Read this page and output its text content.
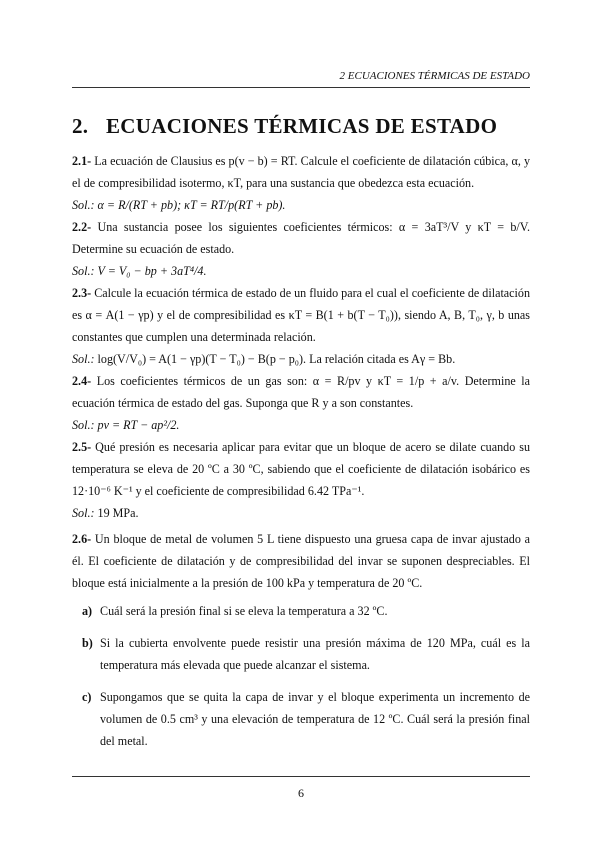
2 ECUACIONES TÉRMICAS DE ESTADO
2. ECUACIONES TÉRMICAS DE ESTADO

2.1- La ecuación de Clausius es p(v − b) = RT. Calcule el coeficiente de dilatación cúbica, α, y el de compresibilidad isotermo, κT, para una sustancia que obedezca esta ecuación.

Sol.: α = R/(RT + pb); κT = RT/p(RT + pb).

2.2- Una sustancia posee los siguientes coeficientes térmicos: α = 3aT³/V y κT = b/V. Determine su ecuación de estado.

Sol.: V = V₀ − bp + 3aT⁴/4.

2.3- Calcule la ecuación térmica de estado de un fluido para el cual el coeficiente de dilatación es α = A(1 − γp) y el de compresibilidad es κT = B(1 + b(T − T₀)), siendo A, B, T₀, γ, b unas constantes que cumplen una determinada relación.

Sol.: log(V/V₀) = A(1 − γp)(T − T₀) − B(p − p₀). La relación citada es Aγ = Bb.

2.4- Los coeficientes térmicos de un gas son: α = R/pv y κT = 1/p + a/v. Determine la ecuación térmica de estado del gas. Suponga que R y a son constantes.

Sol.: pv = RT − ap²/2.

2.5- Qué presión es necesaria aplicar para evitar que un bloque de acero se dilate cuando su temperatura se eleva de 20 ºC a 30 ºC, sabiendo que el coeficiente de dilatación isobárico es 12·10⁻⁶ K⁻¹ y el coeficiente de compresibilidad 6.42 TPa⁻¹.

Sol.: 19 MPa.

2.6- Un bloque de metal de volumen 5 L tiene dispuesto una gruesa capa de invar ajustado a él. El coeficiente de dilatación y de compresibilidad del invar se suponen despreciables. El bloque está inicialmente a la presión de 100 kPa y temperatura de 20 ºC.

a) Cuál será la presión final si se eleva la temperatura a 32 ºC.
b) Si la cubierta envolvente puede resistir una presión máxima de 120 MPa, cuál es la temperatura más elevada que puede alcanzar el sistema.
c) Supongamos que se quita la capa de invar y el bloque experimenta un incremento de volumen de 0.5 cm³ y una elevación de temperatura de 12 ºC. Cuál será la presión final del metal.
6
